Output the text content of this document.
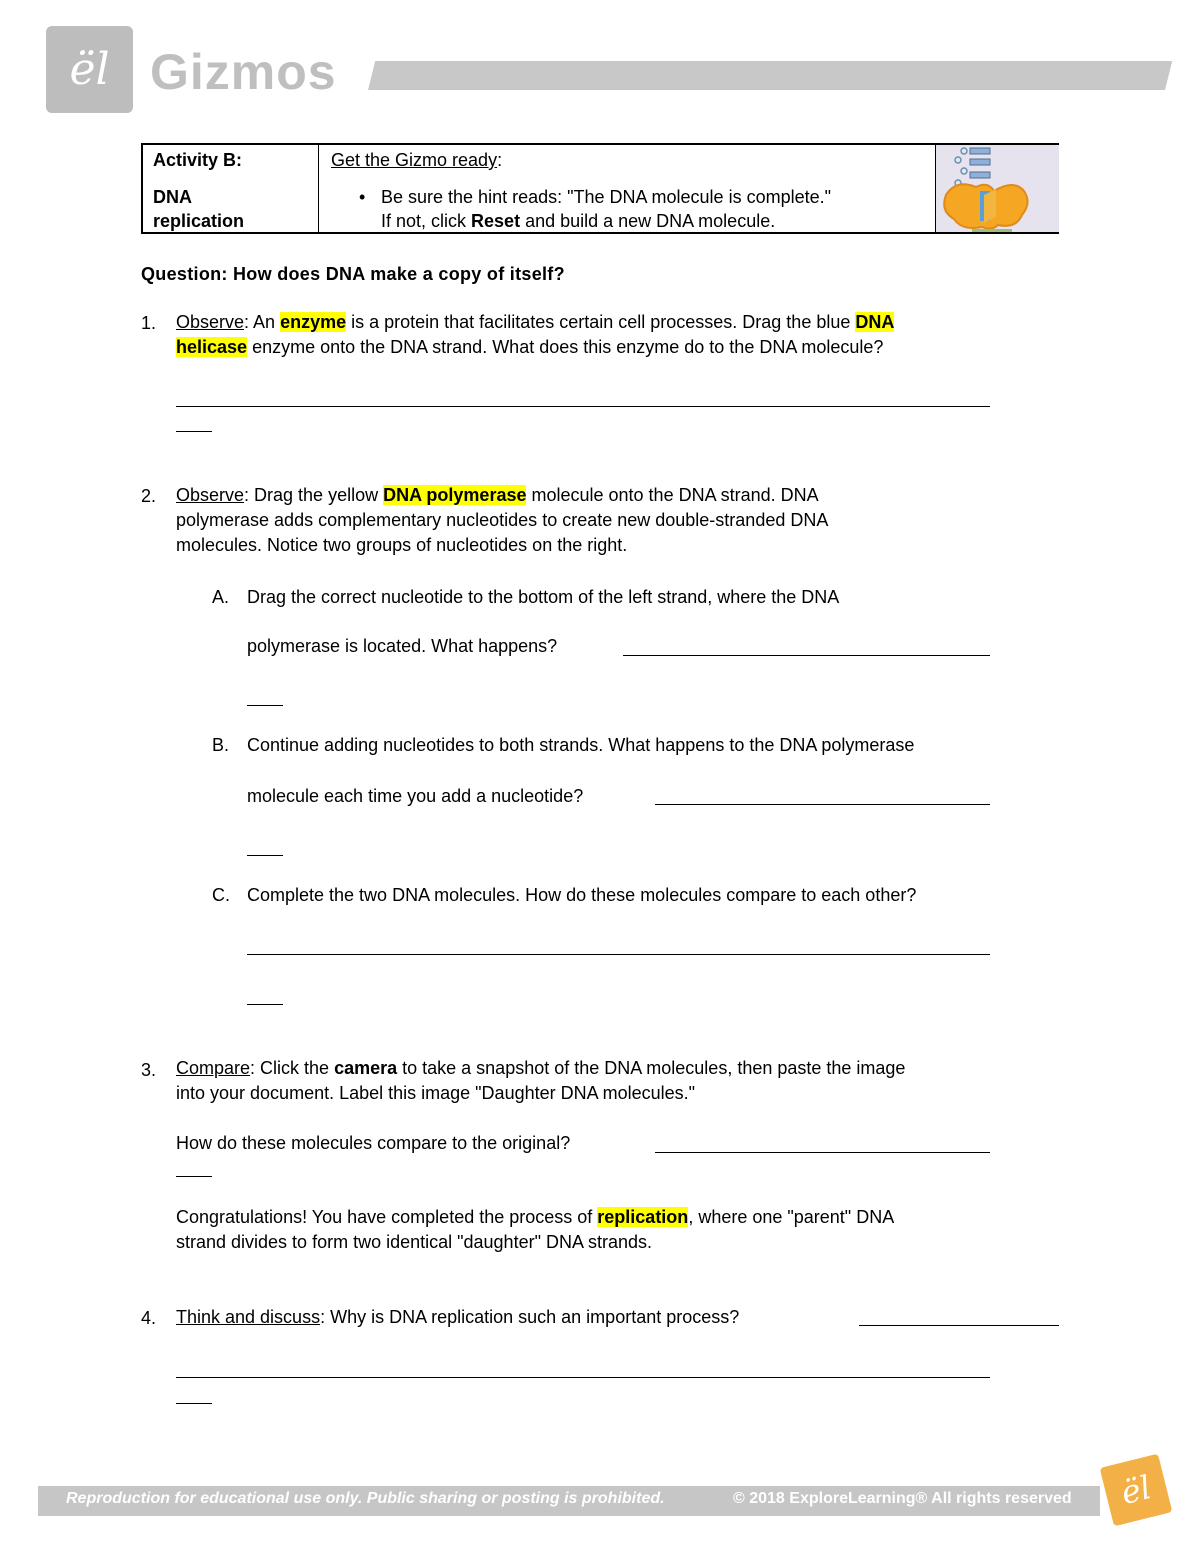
ël Gizmos
Activity B:
DNA
replication
Get the Gizmo ready:
• Be sure the hint reads: "The DNA molecule is complete."
If not, click Reset and build a new DNA molecule.
Question: How does DNA make a copy of itself?
1. Observe: An enzyme is a protein that facilitates certain cell processes. Drag the blue DNA
helicase enzyme onto the DNA strand. What does this enzyme do to the DNA molecule?
2. Observe: Drag the yellow DNA polymerase molecule onto the DNA strand. DNA
polymerase adds complementary nucleotides to create new double-stranded DNA
molecules. Notice two groups of nucleotides on the right.
A. Drag the correct nucleotide to the bottom of the left strand, where the DNA
polymerase is located. What happens?
B. Continue adding nucleotides to both strands. What happens to the DNA polymerase
molecule each time you add a nucleotide?
C. Complete the two DNA molecules. How do these molecules compare to each other?
3. Compare: Click the camera to take a snapshot of the DNA molecules, then paste the image
into your document. Label this image "Daughter DNA molecules."
How do these molecules compare to the original?
Congratulations! You have completed the process of replication, where one "parent" DNA
strand divides to form two identical "daughter" DNA strands.
4. Think and discuss: Why is DNA replication such an important process?
Reproduction for educational use only. Public sharing or posting is prohibited.	© 2018 ExploreLearning® All rights reserved	ël
